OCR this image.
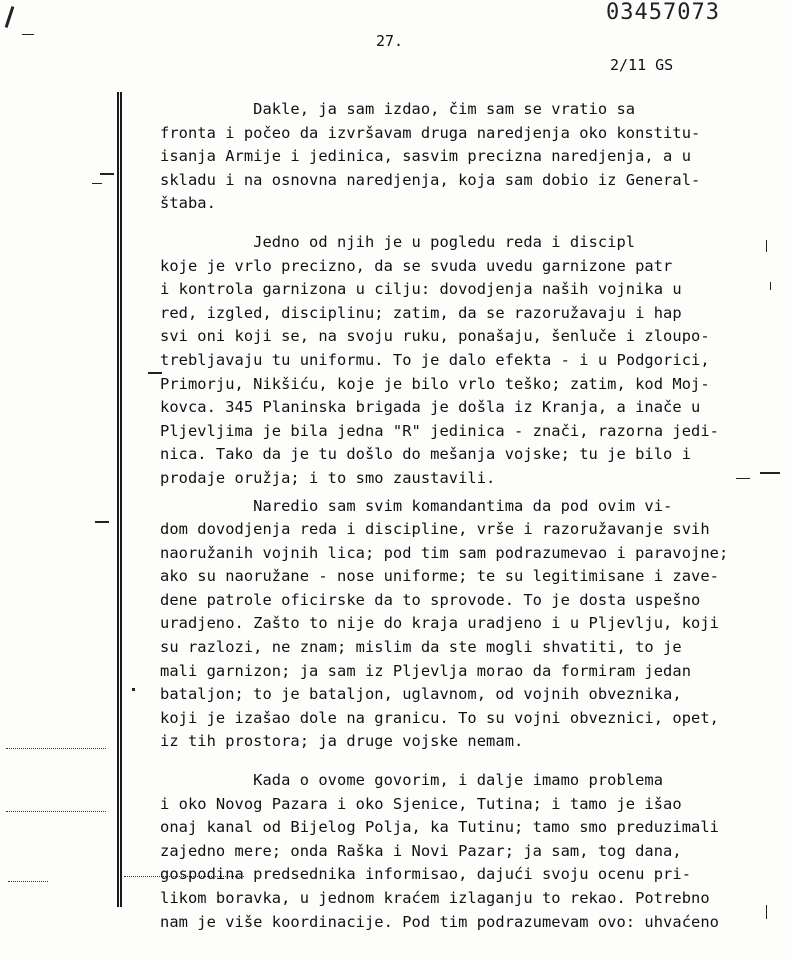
03457073
27.
2/11 GS
Dakle, ja sam izdao, čim sam se vratio sa
fronta i počeo da izvršavam druga naredjenja oko konstitu-
isanja Armije i jedinica, sasvim precizna naredjenja, a u
skladu i na osnovna naredjenja, koja sam dobio iz General-
štaba.
Jedno od njih je u pogledu reda i discipl
koje je vrlo precizno, da se svuda uvedu garnizone patr
i kontrola garnizona u cilju: dovodjenja naših vojnika u
red, izgled, disciplinu; zatim, da se razoružavaju i hap
svi oni koji se, na svoju ruku, ponašaju, šenluče i zloupo-
trebljavaju tu uniformu. To je dalo efekta - i u Podgorici,
Primorju, Nikšiću, koje je bilo vrlo teško; zatim, kod Moj-
kovca. 345 Planinska brigada je došla iz Kranja, a inače u
Pljevljima je bila jedna "R" jedinica - znači, razorna jedi-
nica. Tako da je tu došlo do mešanja vojske; tu je bilo i
prodaje oružja; i to smo zaustavili.
Naredio sam svim komandantima da pod ovim vi-
dom dovodjenja reda i discipline, vrše i razoružavanje svih
naoružanih vojnih lica; pod tim sam podrazumevao i paravojne;
ako su naoružane - nose uniforme; te su legitimisane i zave-
dene patrole oficirske da to sprovode. To je dosta uspešno
uradjeno. Zašto to nije do kraja uradjeno i u Pljevlju, koji
su razlozi, ne znam; mislim da ste mogli shvatiti, to je
mali garnizon; ja sam iz Pljevlja morao da formiram jedan
bataljon; to je bataljon, uglavnom, od vojnih obveznika,
koji je izašao dole na granicu. To su vojni obveznici, opet,
iz tih prostora; ja druge vojske nemam.
Kada o ovome govorim, i dalje imamo problema
i oko Novog Pazara i oko Sjenice, Tutina; i tamo je išao
onaj kanal od Bijelog Polja, ka Tutinu; tamo smo preduzimali
zajedno mere; onda Raška i Novi Pazar; ja sam, tog dana,
gospodina predsednika informisao, dajući svoju ocenu pri-
likom boravka, u jednom kraćem izlaganju to rekao. Potrebno
nam je više koordinacije. Pod tim podrazumevam ovo: uhvaćeno
